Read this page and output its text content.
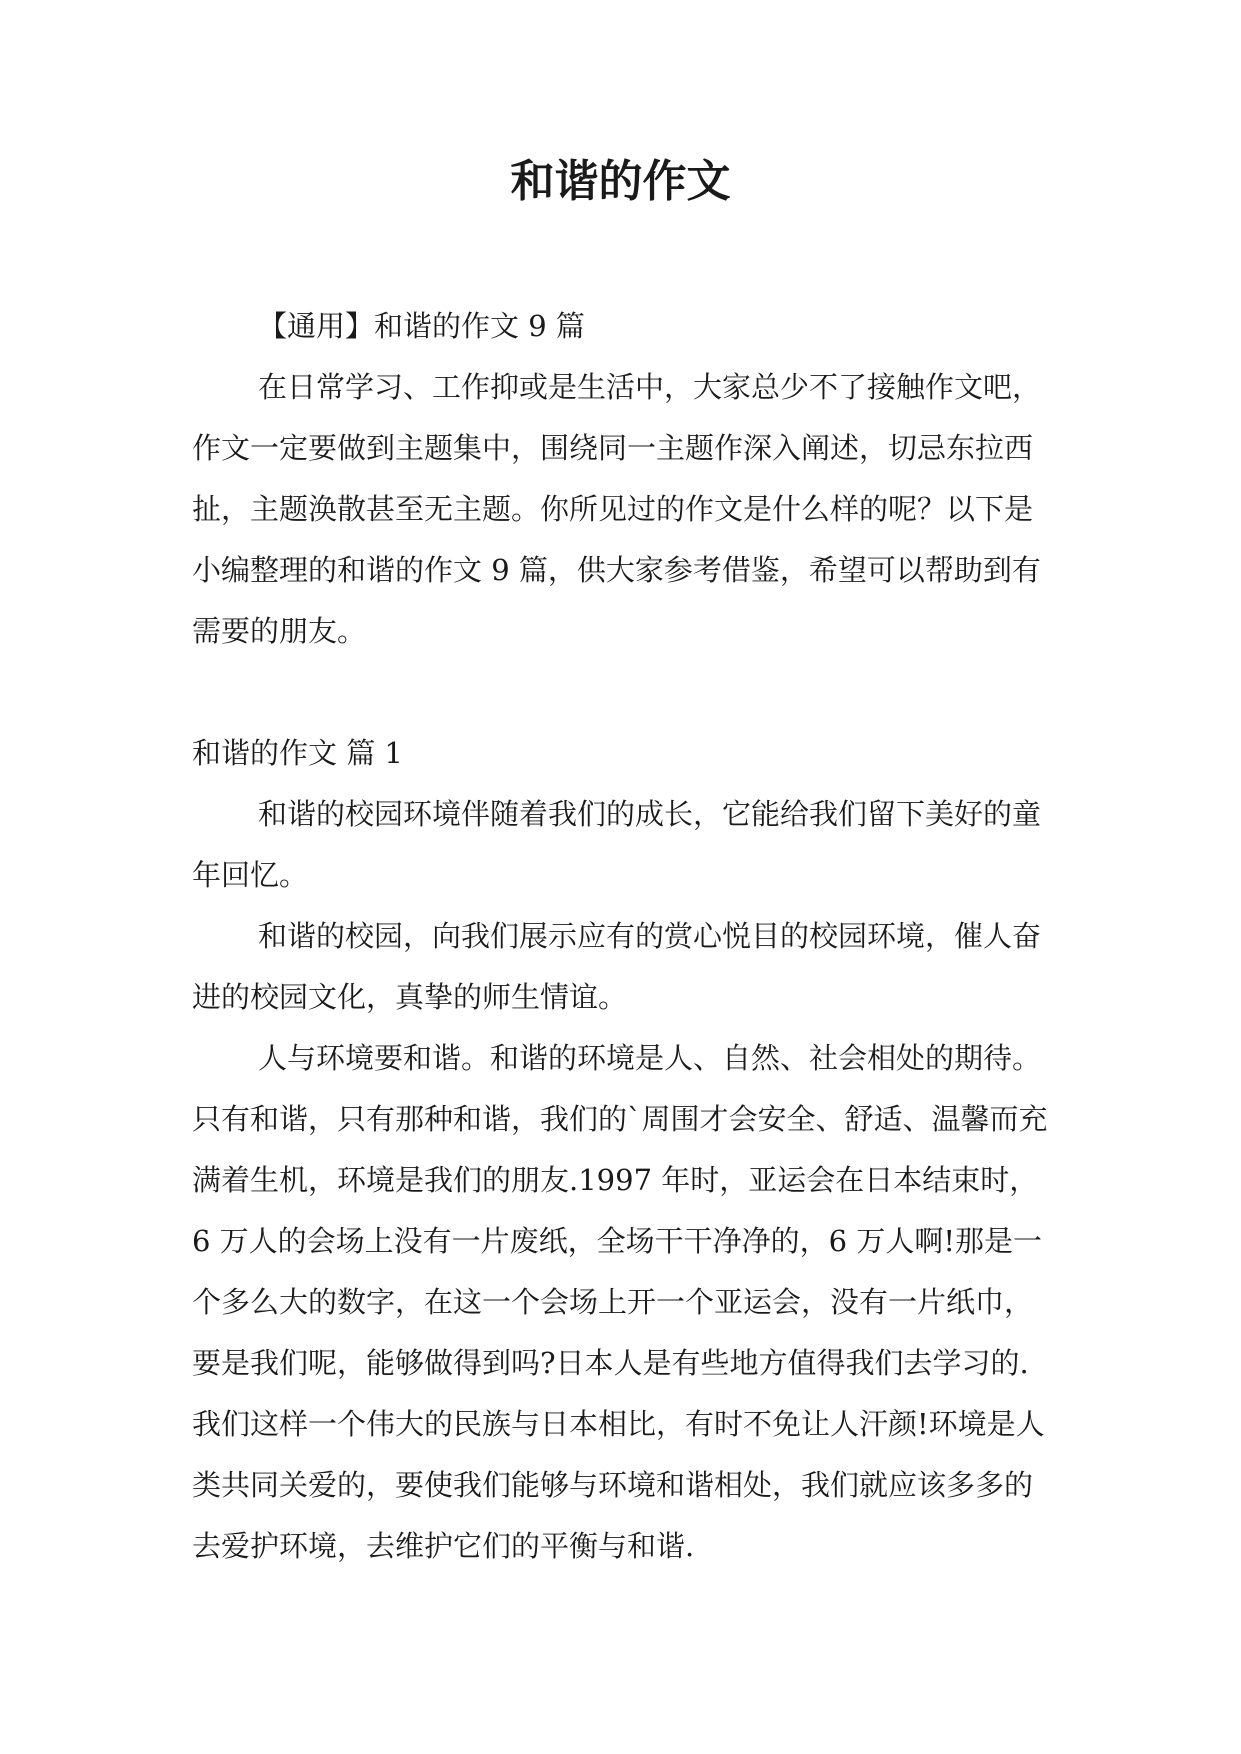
和谐的作文

【通用】和谐的作文 9 篇

在日常学习、工作抑或是生活中，大家总少不了接触作文吧，作文一定要做到主题集中，围绕同一主题作深入阐述，切忌东拉西扯，主题涣散甚至无主题。你所见过的作文是什么样的呢？以下是小编整理的和谐的作文 9 篇，供大家参考借鉴，希望可以帮助到有需要的朋友。

和谐的作文 篇 1

和谐的校园环境伴随着我们的成长，它能给我们留下美好的童年回忆。

和谐的校园，向我们展示应有的赏心悦目的校园环境，催人奋进的校园文化，真挚的师生情谊。

人与环境要和谐。和谐的环境是人、自然、社会相处的期待。只有和谐，只有那种和谐，我们的`周围才会安全、舒适、温馨而充满着生机，环境是我们的朋友.1997 年时，亚运会在日本结束时，6 万人的会场上没有一片废纸，全场干干净净的，6 万人啊!那是一个多么大的数字，在这一个会场上开一个亚运会，没有一片纸巾，要是我们呢，能够做得到吗?日本人是有些地方值得我们去学习的.我们这样一个伟大的民族与日本相比，有时不免让人汗颜!环境是人类共同关爱的，要使我们能够与环境和谐相处，我们就应该多多的去爱护环境，去维护它们的平衡与和谐.
